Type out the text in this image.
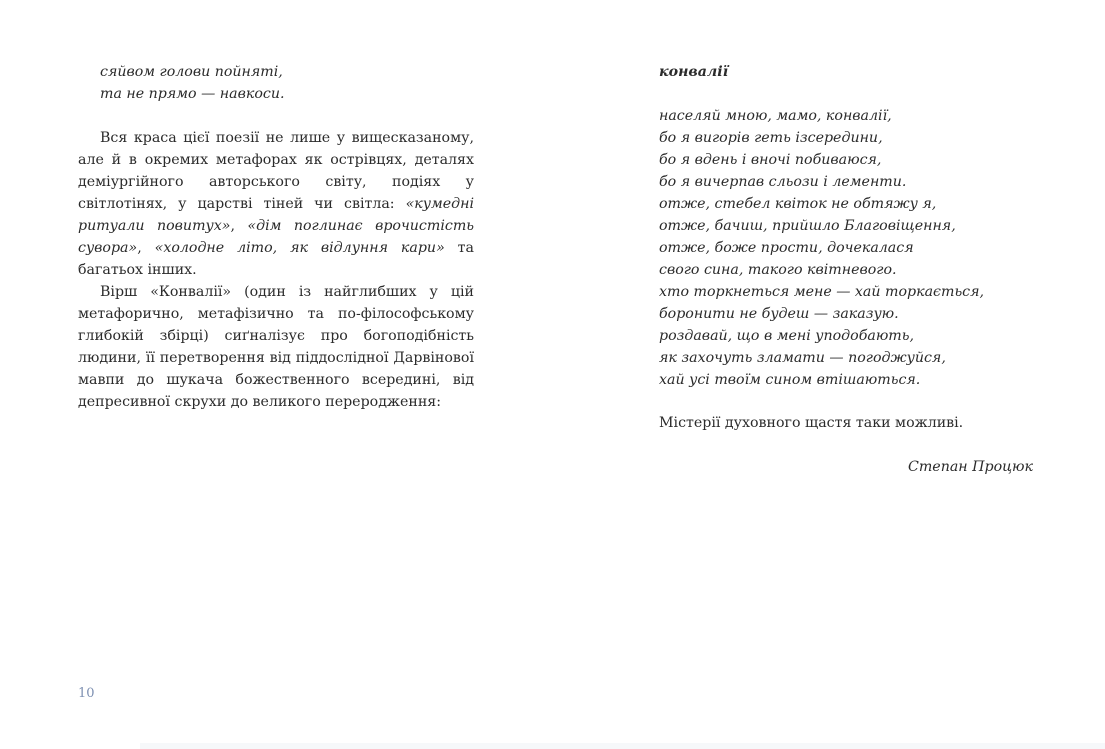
сяйвом голови пойняті,
та не прямо — навкоси.

Вся краса цієї поезії не лише у вищесказаному, але й в окремих метафорах як острівцях, деталях деміургійного авторського світу, подіях у світлотінях, у царстві тіней чи світла: «кумедні ритуали повитух», «дім поглинає врочистість сувора», «холодне літо, як відлуння кари» та багатьох інших.

Вірш «Конвалії» (один із найглибших у цій метафорично, метафізично та по-філософському глибокій збірці) сиґналізує про богоподібність людини, її перетворення від піддослідної Дарвінової мавпи до шукача божественного всередині, від депресивної скрухи до великого переродження:

10
конвалії
населяй мною, мамо, конвалії,
бо я вигорів геть ізсередини,
бо я вдень і вночі побиваюся,
бо я вичерпав сльози і лементи.
отже, стебел квіток не обтяжу я,
отже, бачиш, прийшло Благовіщення,
отже, боже прости, дочекалася
свого сина, такого квітневого.
хто торкнеться мене — хай торкається,
боронити не будеш — заказую.
роздавай, що в мені уподобають,
як захочуть зламати — погоджуйся,
хай усі твоїм сином втішаються.
Містерії духовного щастя таки можливі.
Степан Процюк
